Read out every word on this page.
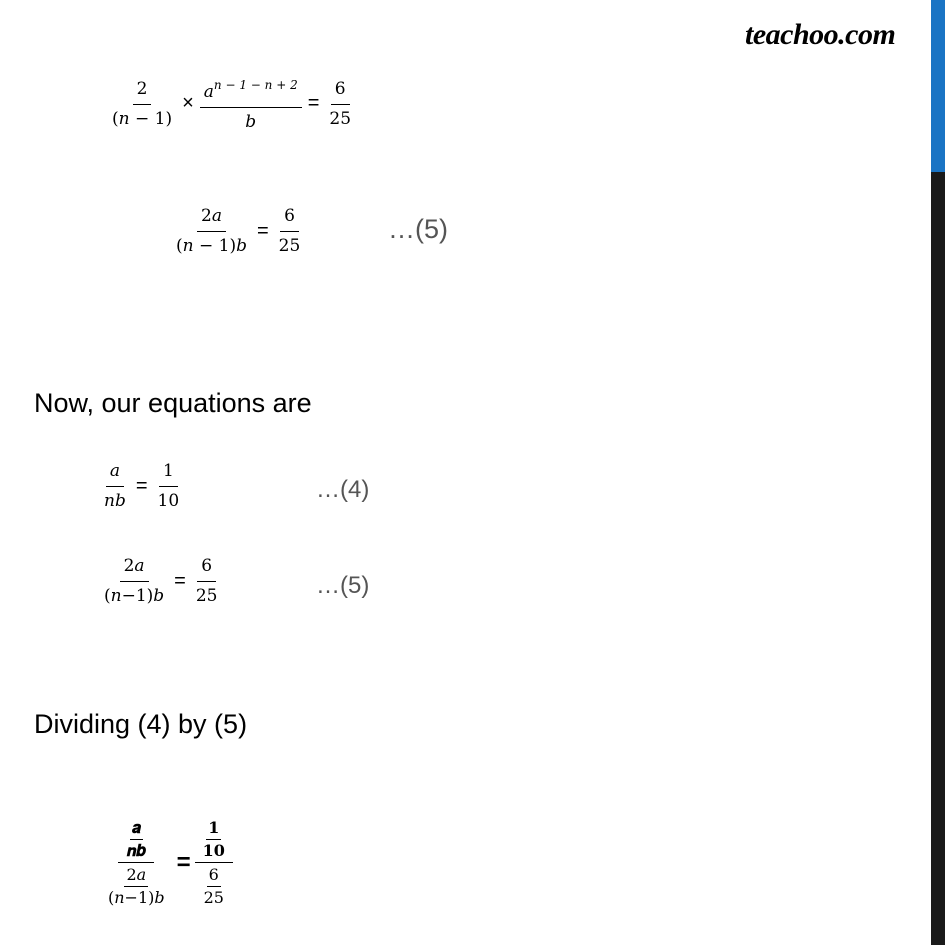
teachoo.com
$\frac{2}{\text{(𝑛 − 1)}} \times \frac{𝑎^{𝑛 - 1 - 𝑛 + 2}}{\text{𝑏}} = \frac{6}{25}$
$\frac{\text{2𝑎}}{\text{(𝑛 − 1)𝑏}} = \frac{6}{25}$	…(5)
Now, our equations are
$\frac{\text{𝑎}}{\text{𝑛𝑏}} = \frac{1}{10}$	…(4)
$\frac{\text{2𝑎}}{\text{(𝑛−1)𝑏}} = \frac{6}{25}$	…(5)
Dividing (4) by (5)
$\frac{\text{𝒂}}{\text{𝒏𝒃}}$
$\frac{\text{2𝑎}}{\text{(𝑛−1)𝑏}}$
=
$\frac{𝟏}{𝟏𝟎}$
$\frac{6}{25}$
